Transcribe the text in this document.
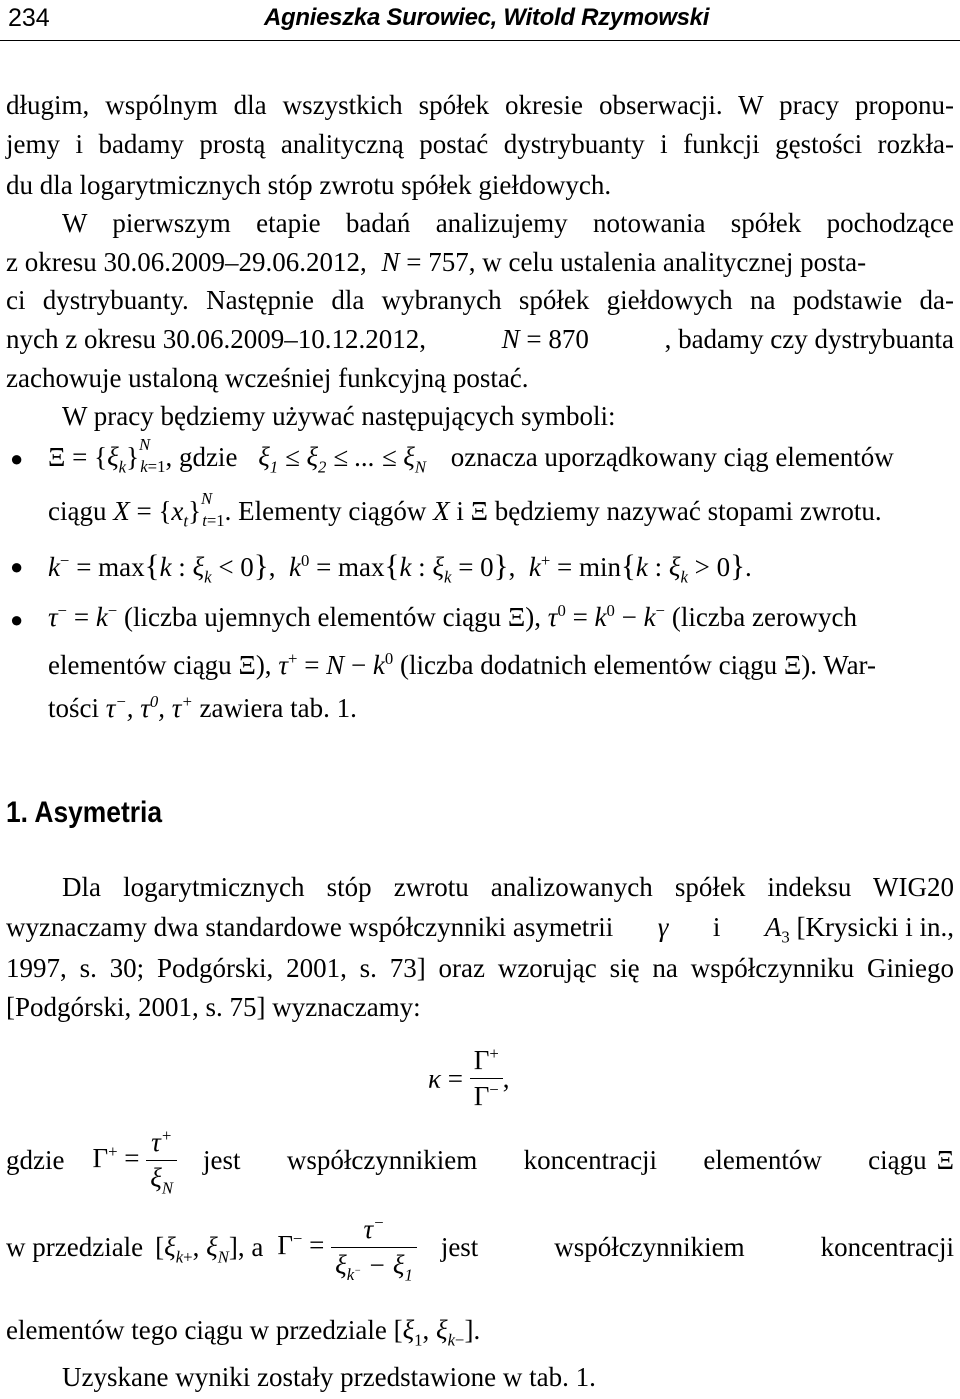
234	Agnieszka Surowiec, Witold Rzymowski
długim, wspólnym dla wszystkich spółek okresie obserwacji. W pracy proponu-
jemy i badamy prostą analityczną postać dystrybuanty i funkcji gęstości rozkła-
du dla logarytmicznych stóp zwrotu spółek giełdowych.
W pierwszym etapie badań analizujemy notowania spółek pochodzące
z okresu 30.06.2009–29.06.2012, N = 757, w celu ustalenia analitycznej posta-
ci dystrybuanty. Następnie dla wybranych spółek giełdowych na podstawie da-
nych z okresu 30.06.2009–10.12.2012,	N = 870	, badamy czy dystrybuanta
zachowuje ustaloną wcześniej funkcyjną postać.
W pracy będziemy używać następujących symboli:
● $\Xi = \{\xi_k\}^N_{k=1}$, gdzie $\xi_1 \le \xi_2$ ≤ ... ≤ $\xi_N$ oznacza uporządkowany ciąg elementów
ciągu $X = \{x_t\}^N_{t=1}$. Elementy ciągów X i Ξ będziemy nazywać stopami zwrotu.
● k− = max{k : $\xi_k < 0$},  $k^0 = \max\{k$ : $\xi_k = 0$},  k+ = min{k : $\xi_k > 0$}.
● τ− = k− (liczba ujemnych elementów ciągu Ξ), $\tau^0 = k^0 - k^-$ (liczba zerowych
elementów ciągu Ξ), $\tau^+ = N - k^0$ (liczba dodatnich elementów ciągu Ξ). War-
tości τ−, $\tau^0$, τ+ zawiera tab. 1.
1. Asymetria
Dla logarytmicznych stóp zwrotu analizowanych spółek indeksu WIG20
wyznaczamy dwa standardowe współczynniki asymetrii γ i $A_3$ [Krysicki i in.,
1997, s. 30; Podgórski, 2001, s. 73] oraz wzorując się na współczynniku Giniego
[Podgórski, 2001, s. 75] wyznaczamy:
$\kappa = \frac{\Gamma^+}{\Gamma^-}$ ,
gdzie $\Gamma^+ = \frac{\tau^+}{\xi_N}$ jest współczynnikiem koncentracji elementów ciągu Ξ
w przedziale [$\xi_{k+}$, $\xi_N$] , a $\Gamma^- = \frac{\tau^-}{\xi_{k^-} - \xi_1}$ jest współczynnikiem koncentracji
elementów tego ciągu w przedziale [$\xi_1$, $\xi_{k-}$].
Uzyskane wyniki zostały przedstawione w tab. 1.
